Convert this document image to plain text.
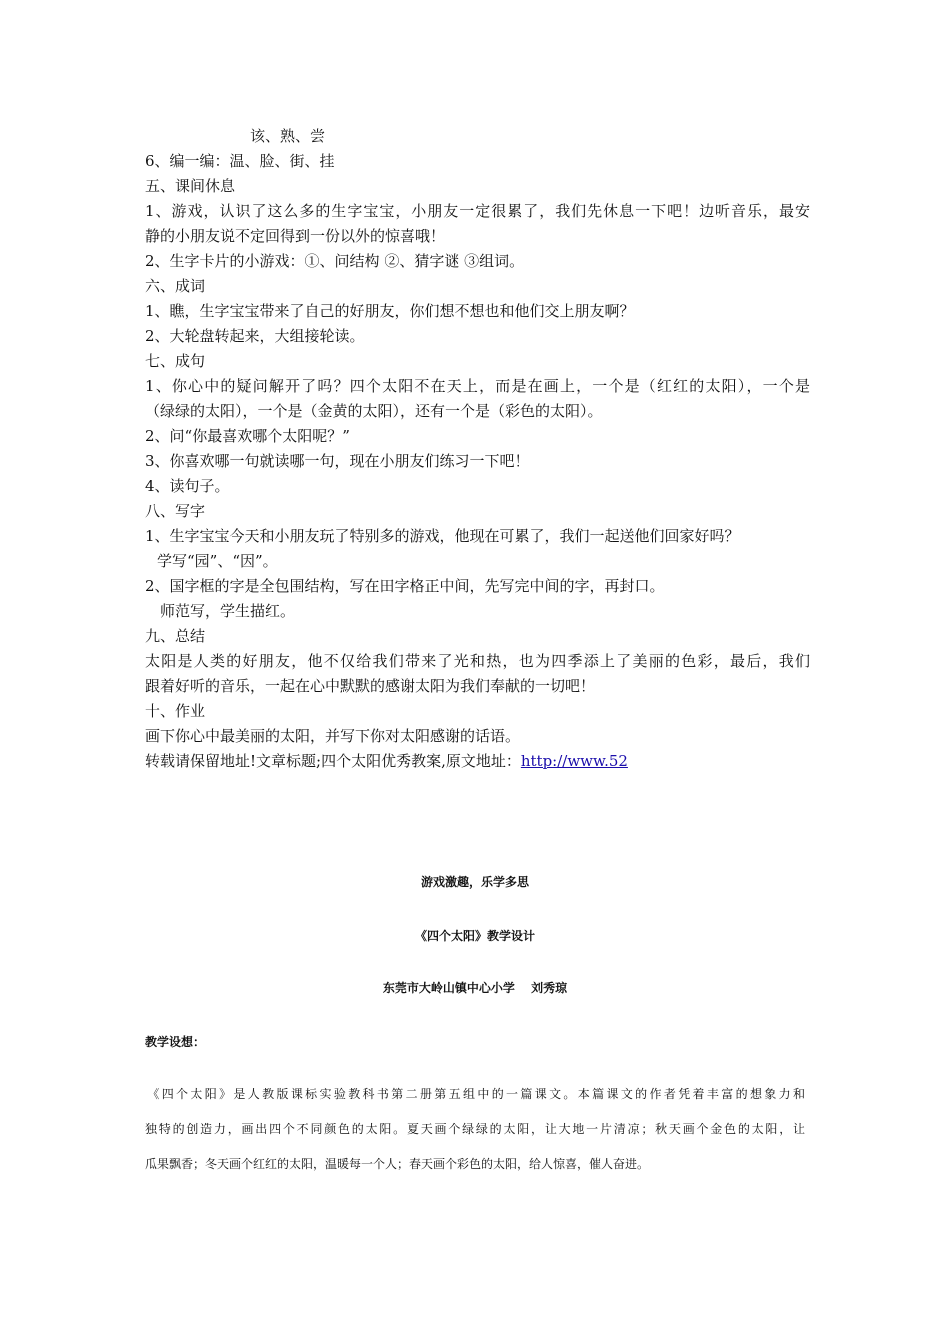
该、熟、尝

6、编一编：温、脸、街、挂

五、课间休息

1、游戏，认识了这么多的生字宝宝，小朋友一定很累了，我们先休息一下吧！边听音乐，最安

静的小朋友说不定回得到一份以外的惊喜哦！

2、生字卡片的小游戏：①、问结构 ②、猜字谜 ③组词。

六、成词

1、瞧，生字宝宝带来了自己的好朋友，你们想不想也和他们交上朋友啊？

2、大轮盘转起来，大组接轮读。

七、成句

1、你心中的疑问解开了吗？四个太阳不在天上，而是在画上，一个是（红红的太阳），一个是

（绿绿的太阳），一个是（金黄的太阳），还有一个是（彩色的太阳）。

2、问“你最喜欢哪个太阳呢？”

3、你喜欢哪一句就读哪一句，现在小朋友们练习一下吧！

4、读句子。

八、写字

1、生字宝宝今天和小朋友玩了特别多的游戏，他现在可累了，我们一起送他们回家好吗？

学写“园”、“因”。

2、国字框的字是全包围结构，写在田字格正中间，先写完中间的字，再封口。

师范写，学生描红。

九、总结

太阳是人类的好朋友，他不仅给我们带来了光和热，也为四季添上了美丽的色彩，最后，我们

跟着好听的音乐，一起在心中默默的感谢太阳为我们奉献的一切吧！

十、作业

画下你心中最美丽的太阳，并写下你对太阳感谢的话语。

转载请保留地址!文章标题;四个太阳优秀教案,原文地址：http://www.52

游戏激趣，乐学多思

《四个太阳》教学设计

东莞市大岭山镇中心小学　 刘秀琼

教学设想：

《四个太阳》是人教版课标实验教科书第二册第五组中的一篇课文。本篇课文的作者凭着丰富的想象力和

独特的创造力，画出四个不同颜色的太阳。夏天画个绿绿的太阳，让大地一片清凉；秋天画个金色的太阳，让

瓜果飘香；冬天画个红红的太阳，温暖每一个人；春天画个彩色的太阳，给人惊喜，催人奋进。
